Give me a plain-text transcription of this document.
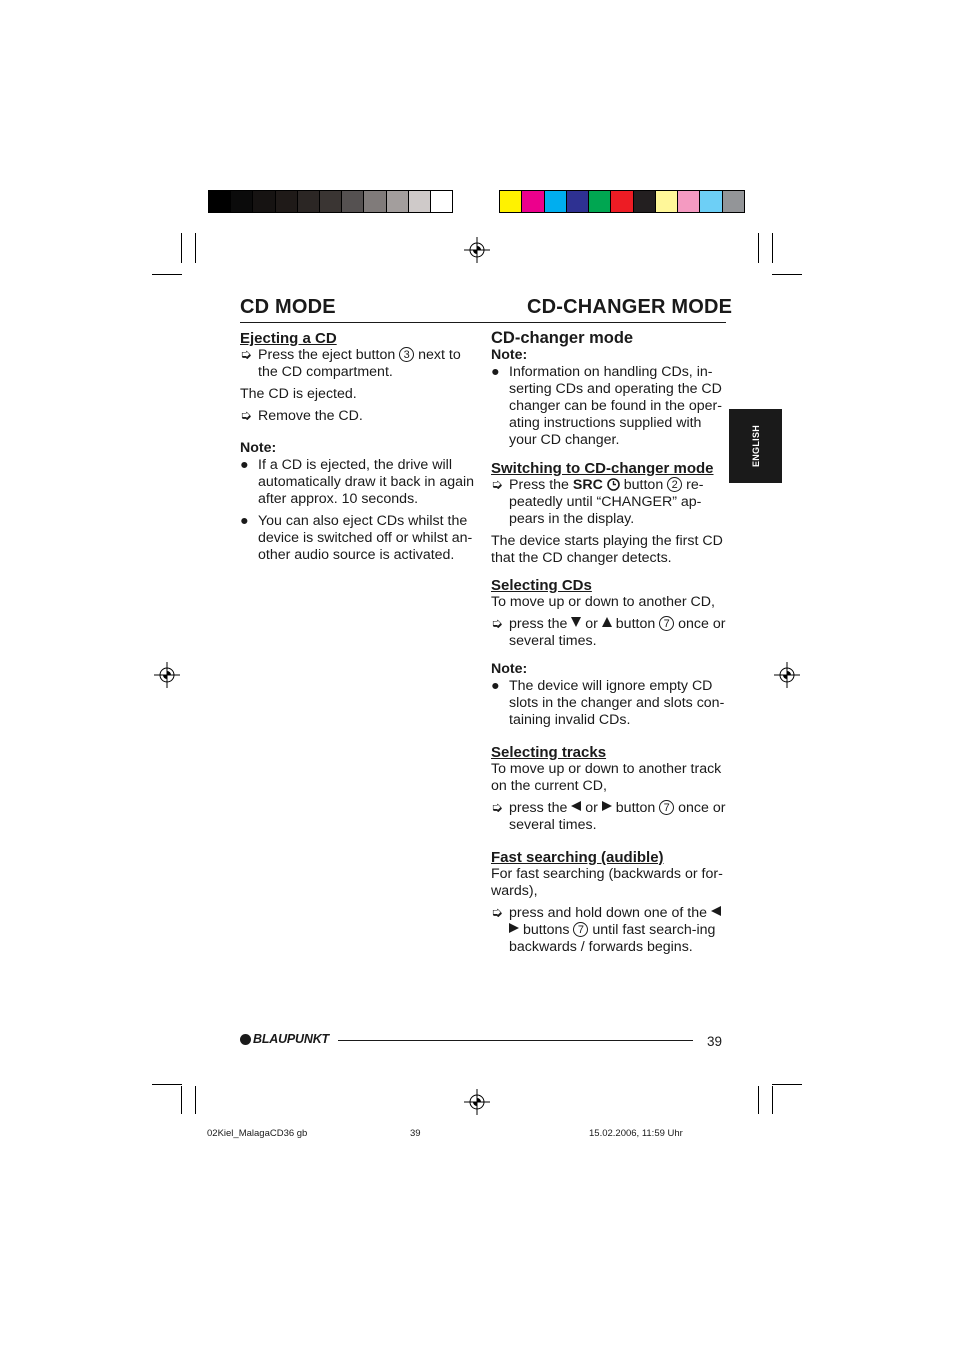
CD MODE	CD-CHANGER MODE

Ejecting a CD

➭ Press the eject button 3 next to the CD compartment.

The CD is ejected.

➭ Remove the CD.

Note:

● If a CD is ejected, the drive will automatically draw it back in again after approx. 10 seconds.
● You can also eject CDs whilst the device is switched off or whilst an-other audio source is activated.

CD-changer mode

Note:

● Information on handling CDs, in-serting CDs and operating the CD changer can be found in the oper-ating instructions supplied with your CD changer.

Switching to CD-changer mode

➭ Press the SRC button 2 re-peatedly until “CHANGER” ap-pears in the display.

The device starts playing the first CD that the CD changer detects.

Selecting CDs

To move up or down to another CD,

➭ press the or button 7 once or several times.

Note:

● The device will ignore empty CD slots in the changer and slots con-taining invalid CDs.

Selecting tracks

To move up or down to another track on the current CD,

➭ press the or button 7 once or several times.

Fast searching (audible)

For fast searching (backwards or for-wards),

➭ press and hold down one of the   buttons 7 until fast search-ing backwards / forwards begins.
ENGLISH
BLAUPUNKT	39
02Kiel_MalagaCD36 gb	39	15.02.2006, 11:59 Uhr
